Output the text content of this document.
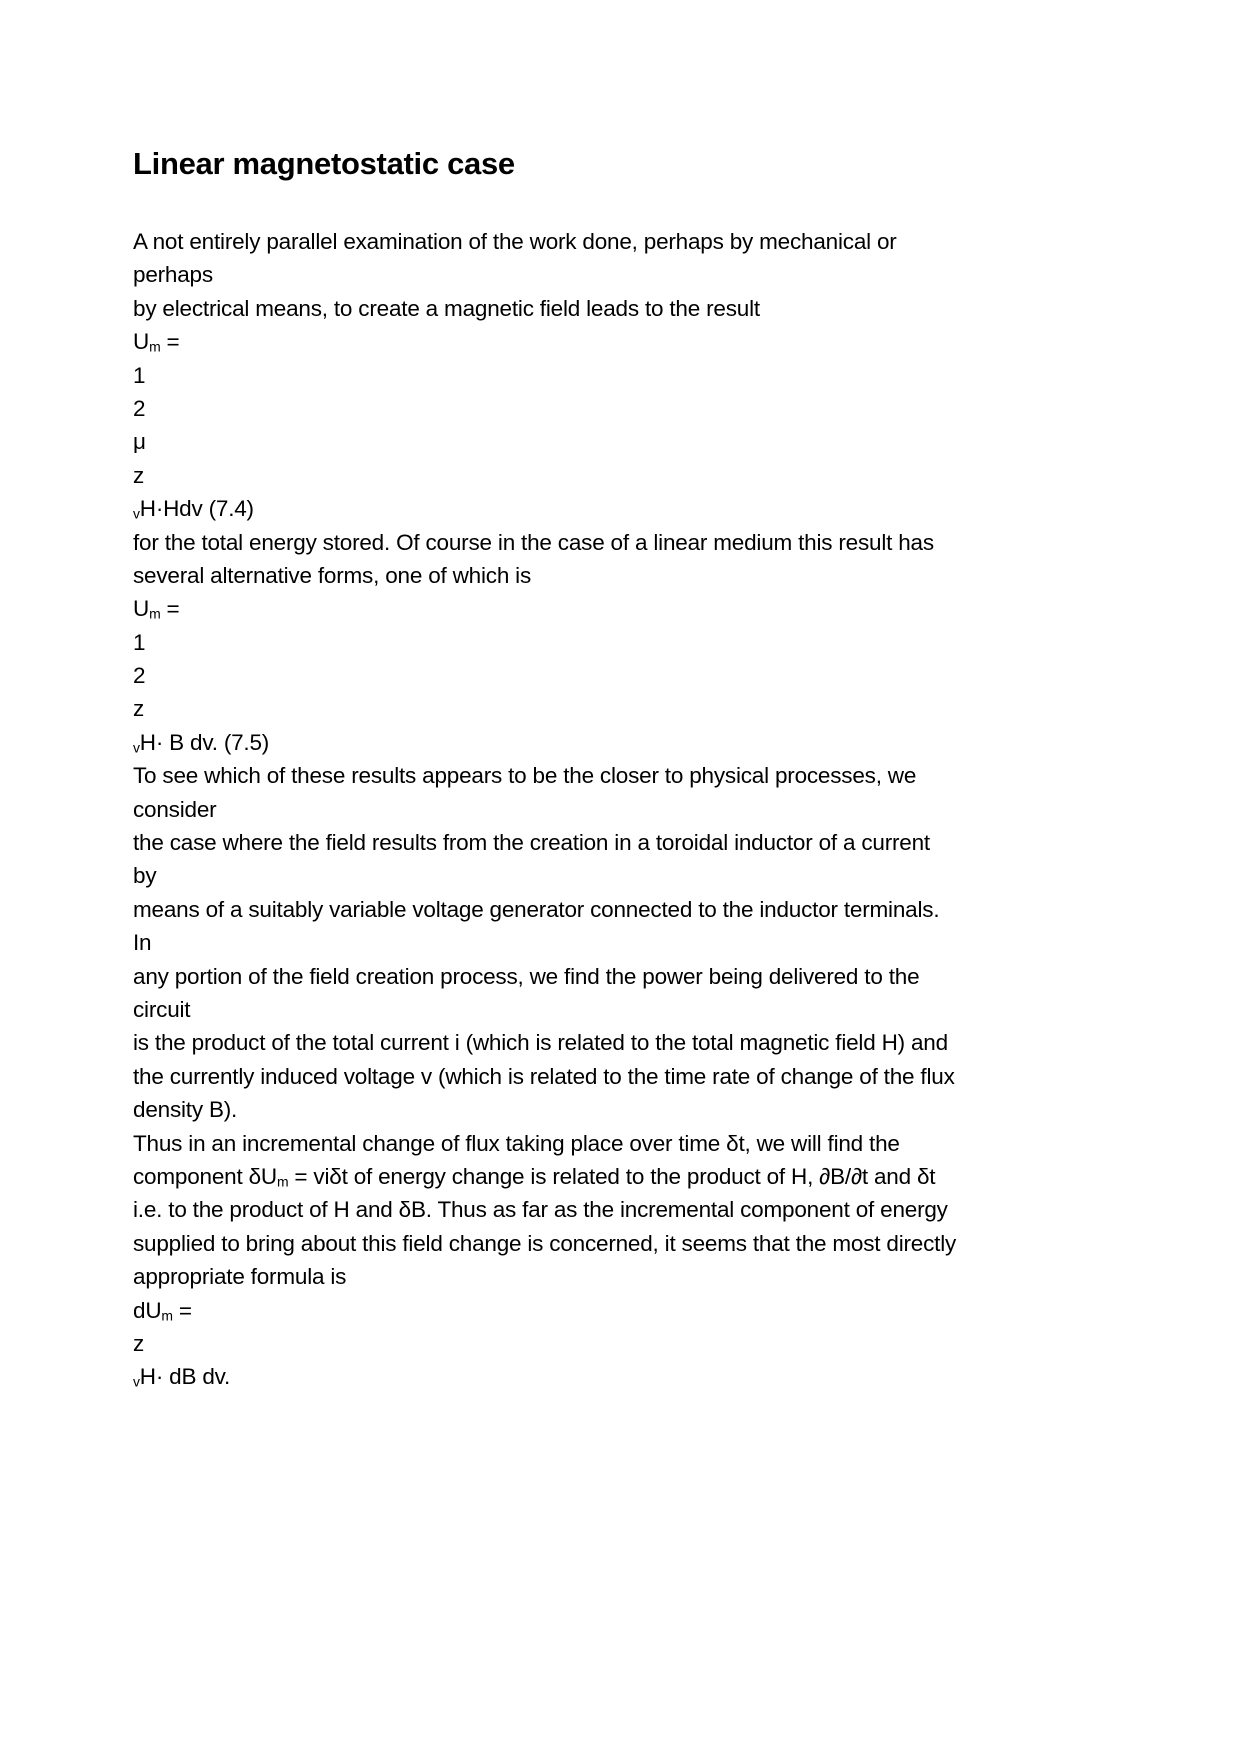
Linear magnetostatic case
A not entirely parallel examination of the work done, perhaps by mechanical or
perhaps
by electrical means, to create a magnetic field leads to the result
Um =
1
2
μ
z
vH·Hdv (7.4)
for the total energy stored. Of course in the case of a linear medium this result has
several alternative forms, one of which is
Um =
1
2
z
vH· B dv. (7.5)
To see which of these results appears to be the closer to physical processes, we
consider
the case where the field results from the creation in a toroidal inductor of a current
by
means of a suitably variable voltage generator connected to the inductor terminals.
In
any portion of the field creation process, we find the power being delivered to the
circuit
is the product of the total current i (which is related to the total magnetic field H) and
the currently induced voltage v (which is related to the time rate of change of the flux
density B).
Thus in an incremental change of flux taking place over time δt, we will find the
component δUm = viδt of energy change is related to the product of H, ∂B/∂t and δt
i.e. to the product of H and δB. Thus as far as the incremental component of energy
supplied to bring about this field change is concerned, it seems that the most directly
appropriate formula is
dUm =
z
vH· dB dv.
